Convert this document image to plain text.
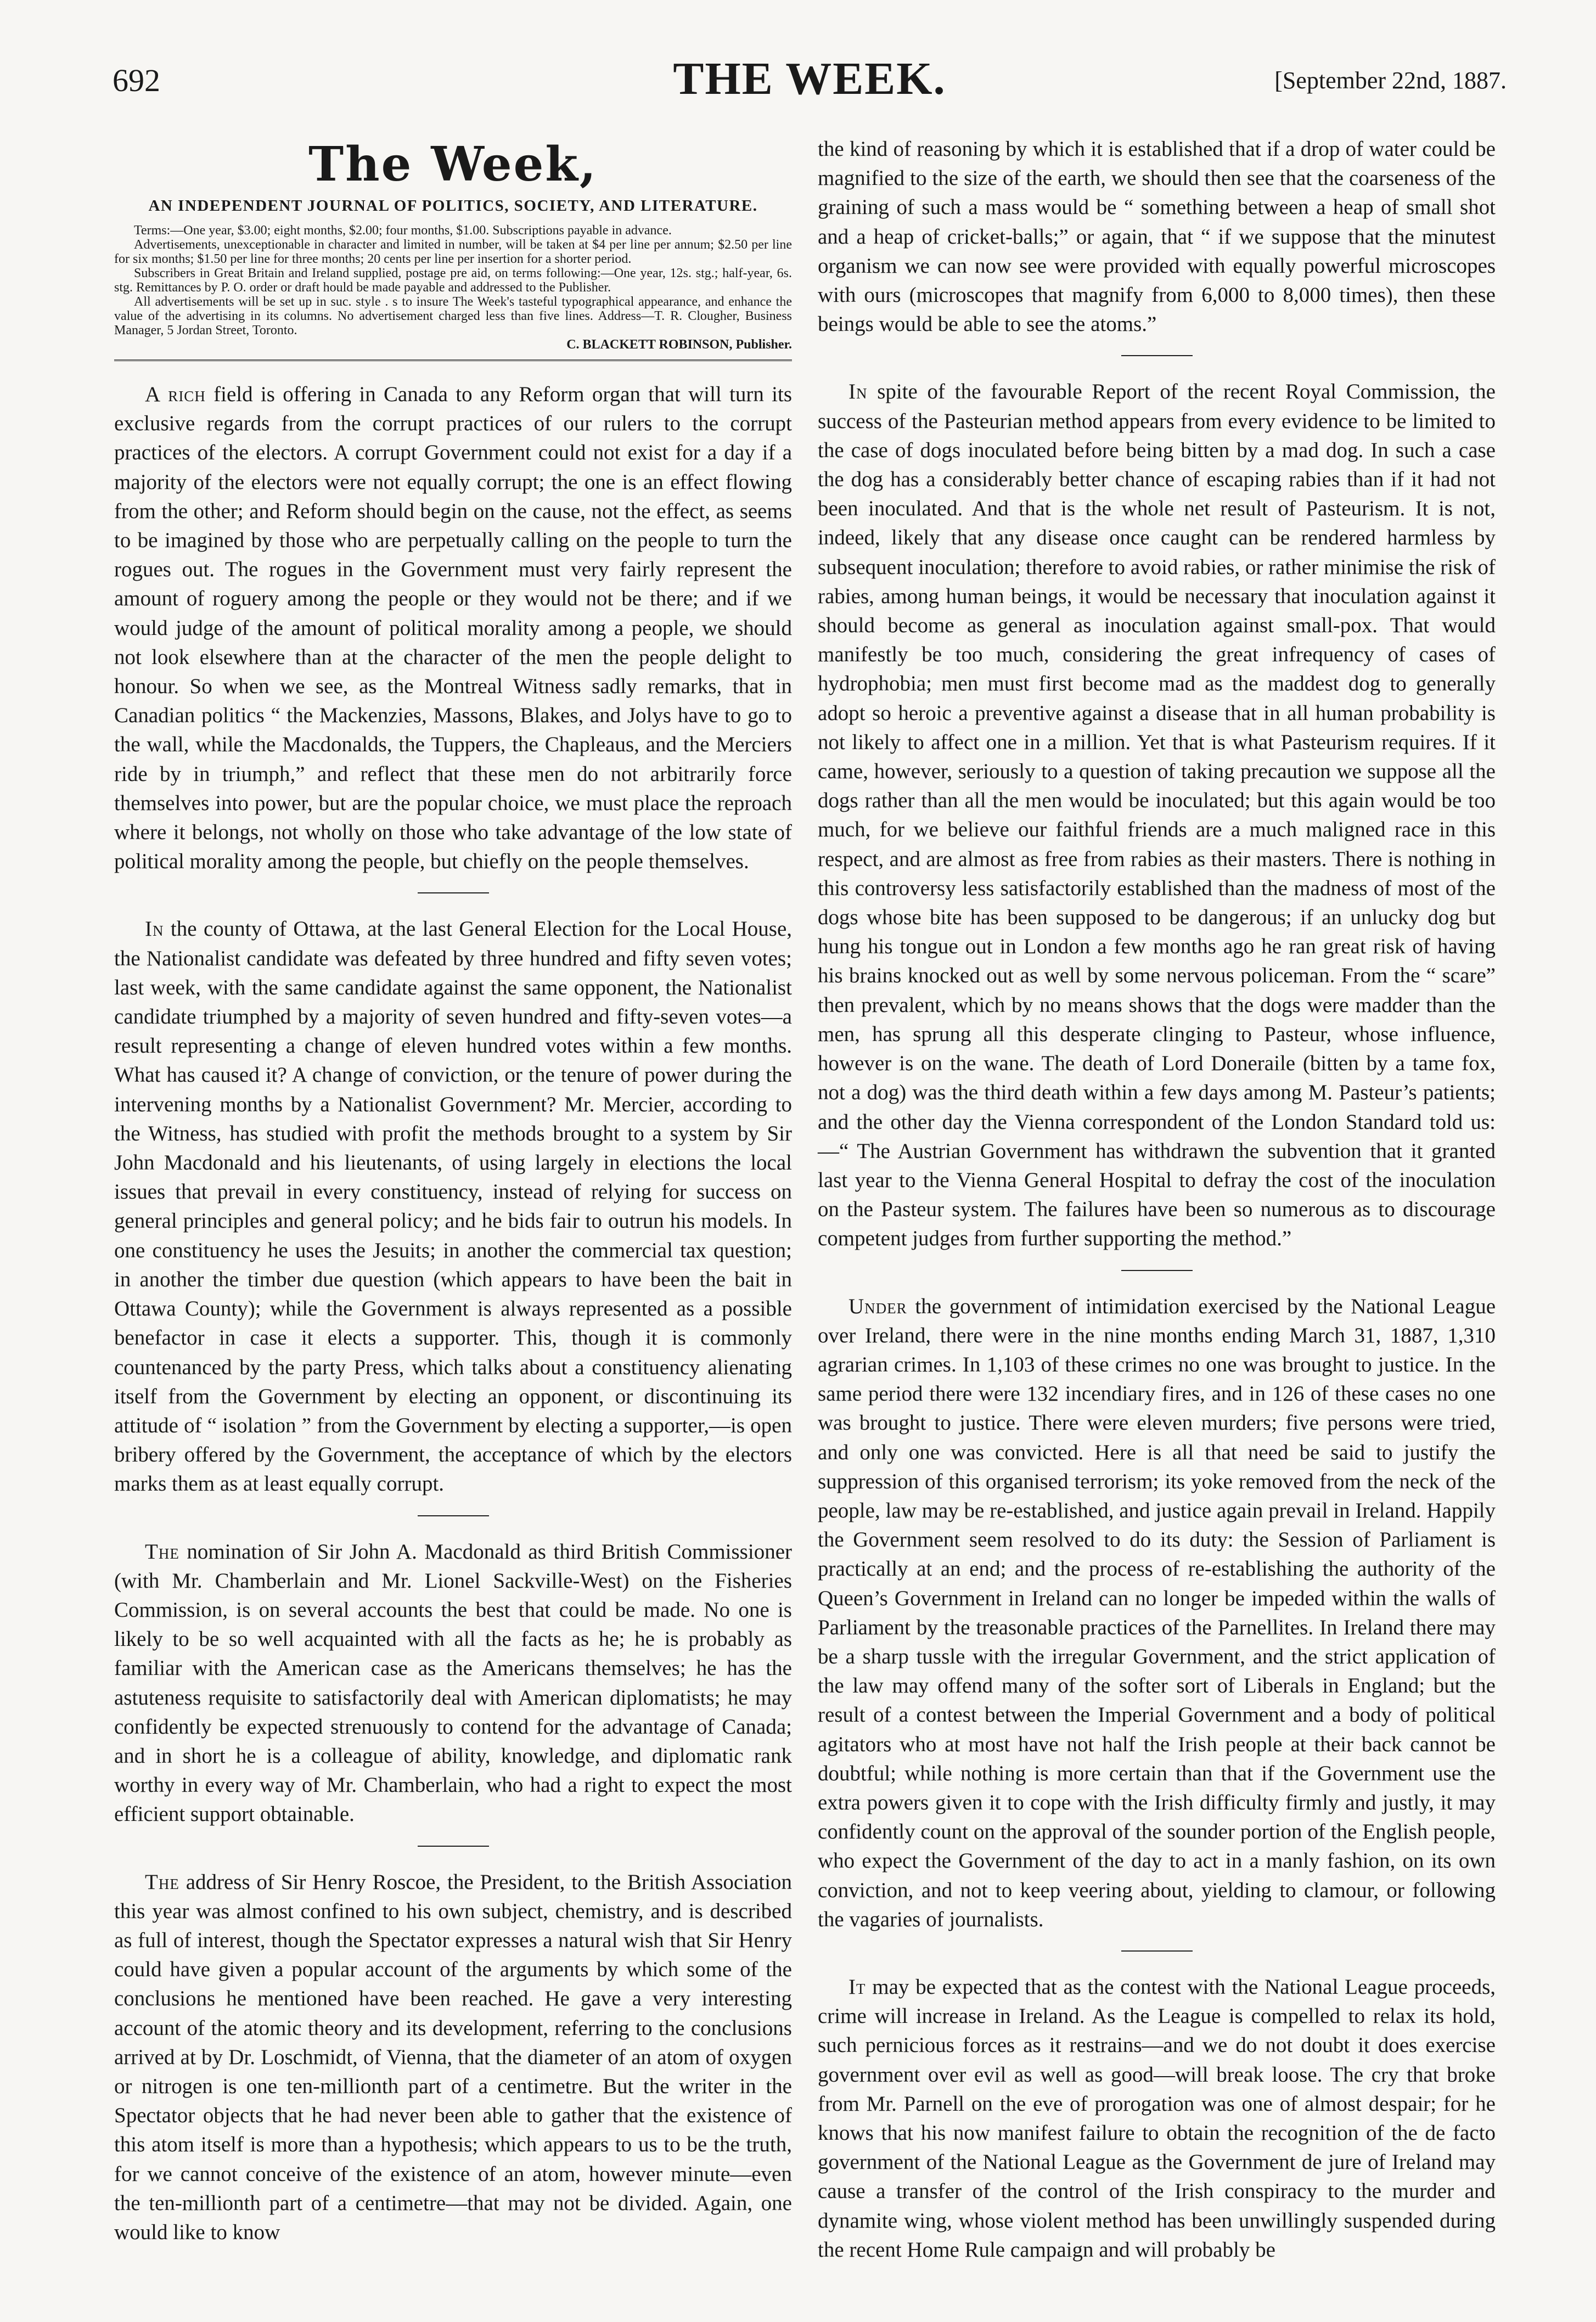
692	THE WEEK.	[September 22nd, 1887.
The Week,
AN INDEPENDENT JOURNAL OF POLITICS, SOCIETY, AND LITERATURE.

Terms:—One year, $3.00; eight months, $2.00; four months, $1.00. Subscriptions payable in advance.

Advertisements, unexceptionable in character and limited in number, will be taken at $4 per line per annum; $2.50 per line for six months; $1.50 per line for three months; 20 cents per line per insertion for a shorter period.

Subscribers in Great Britain and Ireland supplied, postage pre aid, on terms following:—One year, 12s. stg.; half-year, 6s. stg. Remittances by P. O. order or draft hould be made payable and addressed to the Publisher.

All advertisements will be set up in suc. style . s to insure The Week's tasteful typographical appearance, and enhance the value of the advertising in its columns. No advertisement charged less than five lines. Address—T. R. Clougher, Business Manager, 5 Jordan Street, Toronto.

C. BLACKETT ROBINSON, Publisher.

A rich field is offering in Canada to any Reform organ that will turn its exclusive regards from the corrupt practices of our rulers to the corrupt practices of the electors. A corrupt Government could not exist for a day if a majority of the electors were not equally corrupt; the one is an effect flowing from the other; and Reform should begin on the cause, not the effect, as seems to be imagined by those who are perpetually calling on the people to turn the rogues out. The rogues in the Government must very fairly represent the amount of roguery among the people or they would not be there; and if we would judge of the amount of political morality among a people, we should not look elsewhere than at the character of the men the people delight to honour. So when we see, as the Montreal Witness sadly remarks, that in Canadian politics “ the Mackenzies, Massons, Blakes, and Jolys have to go to the wall, while the Macdonalds, the Tuppers, the Chapleaus, and the Merciers ride by in triumph,” and reflect that these men do not arbitrarily force themselves into power, but are the popular choice, we must place the reproach where it belongs, not wholly on those who take advantage of the low state of political morality among the people, but chiefly on the people themselves.

In the county of Ottawa, at the last General Election for the Local House, the Nationalist candidate was defeated by three hundred and fifty seven votes; last week, with the same candidate against the same opponent, the Nationalist candidate triumphed by a majority of seven hundred and fifty-seven votes—a result representing a change of eleven hundred votes within a few months. What has caused it? A change of conviction, or the tenure of power during the intervening months by a Nationalist Government? Mr. Mercier, according to the Witness, has studied with profit the methods brought to a system by Sir John Macdonald and his lieutenants, of using largely in elections the local issues that prevail in every constituency, instead of relying for success on general principles and general policy; and he bids fair to outrun his models. In one constituency he uses the Jesuits; in another the commercial tax question; in another the timber due question (which appears to have been the bait in Ottawa County); while the Government is always represented as a possible benefactor in case it elects a supporter. This, though it is commonly countenanced by the party Press, which talks about a constituency alienating itself from the Government by electing an opponent, or discontinuing its attitude of “ isolation ” from the Government by electing a supporter,—is open bribery offered by the Government, the acceptance of which by the electors marks them as at least equally corrupt.

The nomination of Sir John A. Macdonald as third British Commissioner (with Mr. Chamberlain and Mr. Lionel Sackville-West) on the Fisheries Commission, is on several accounts the best that could be made. No one is likely to be so well acquainted with all the facts as he; he is probably as familiar with the American case as the Americans themselves; he has the astuteness requisite to satisfactorily deal with American diplomatists; he may confidently be expected strenuously to contend for the advantage of Canada; and in short he is a colleague of ability, knowledge, and diplomatic rank worthy in every way of Mr. Chamberlain, who had a right to expect the most efficient support obtainable.

The address of Sir Henry Roscoe, the President, to the British Association this year was almost confined to his own subject, chemistry, and is described as full of interest, though the Spectator expresses a natural wish that Sir Henry could have given a popular account of the arguments by which some of the conclusions he mentioned have been reached. He gave a very interesting account of the atomic theory and its development, referring to the conclusions arrived at by Dr. Loschmidt, of Vienna, that the diameter of an atom of oxygen or nitrogen is one ten-millionth part of a centimetre. But the writer in the Spectator objects that he had never been able to gather that the existence of this atom itself is more than a hypothesis; which appears to us to be the truth, for we cannot conceive of the existence of an atom, however minute—even the ten-millionth part of a centimetre—that may not be divided. Again, one would like to know

the kind of reasoning by which it is established that if a drop of water could be magnified to the size of the earth, we should then see that the coarseness of the graining of such a mass would be “ something between a heap of small shot and a heap of cricket-balls;” or again, that “ if we suppose that the minutest organism we can now see were provided with equally powerful microscopes with ours (microscopes that magnify from 6,000 to 8,000 times), then these beings would be able to see the atoms.”

In spite of the favourable Report of the recent Royal Commission, the success of the Pasteurian method appears from every evidence to be limited to the case of dogs inoculated before being bitten by a mad dog. In such a case the dog has a considerably better chance of escaping rabies than if it had not been inoculated. And that is the whole net result of Pasteurism. It is not, indeed, likely that any disease once caught can be rendered harmless by subsequent inoculation; therefore to avoid rabies, or rather minimise the risk of rabies, among human beings, it would be necessary that inoculation against it should become as general as inoculation against small-pox. That would manifestly be too much, considering the great infrequency of cases of hydrophobia; men must first become mad as the maddest dog to generally adopt so heroic a preventive against a disease that in all human probability is not likely to affect one in a million. Yet that is what Pasteurism requires. If it came, however, seriously to a question of taking precaution we suppose all the dogs rather than all the men would be inoculated; but this again would be too much, for we believe our faithful friends are a much maligned race in this respect, and are almost as free from rabies as their masters. There is nothing in this controversy less satisfactorily established than the madness of most of the dogs whose bite has been supposed to be dangerous; if an unlucky dog but hung his tongue out in London a few months ago he ran great risk of having his brains knocked out as well by some nervous policeman. From the “ scare” then prevalent, which by no means shows that the dogs were madder than the men, has sprung all this desperate clinging to Pasteur, whose influence, however is on the wane. The death of Lord Doneraile (bitten by a tame fox, not a dog) was the third death within a few days among M. Pasteur’s patients; and the other day the Vienna correspondent of the London Standard told us:—“ The Austrian Government has withdrawn the subvention that it granted last year to the Vienna General Hospital to defray the cost of the inoculation on the Pasteur system. The failures have been so numerous as to discourage competent judges from further supporting the method.”

Under the government of intimidation exercised by the National League over Ireland, there were in the nine months ending March 31, 1887, 1,310 agrarian crimes. In 1,103 of these crimes no one was brought to justice. In the same period there were 132 incendiary fires, and in 126 of these cases no one was brought to justice. There were eleven murders; five persons were tried, and only one was convicted. Here is all that need be said to justify the suppression of this organised terrorism; its yoke removed from the neck of the people, law may be re-established, and justice again prevail in Ireland. Happily the Government seem resolved to do its duty: the Session of Parliament is practically at an end; and the process of re-establishing the authority of the Queen’s Government in Ireland can no longer be impeded within the walls of Parliament by the treasonable practices of the Parnellites. In Ireland there may be a sharp tussle with the irregular Government, and the strict application of the law may offend many of the softer sort of Liberals in England; but the result of a contest between the Imperial Government and a body of political agitators who at most have not half the Irish people at their back cannot be doubtful; while nothing is more certain than that if the Government use the extra powers given it to cope with the Irish difficulty firmly and justly, it may confidently count on the approval of the sounder portion of the English people, who expect the Government of the day to act in a manly fashion, on its own conviction, and not to keep veering about, yielding to clamour, or following the vagaries of journalists.

It may be expected that as the contest with the National League proceeds, crime will increase in Ireland. As the League is compelled to relax its hold, such pernicious forces as it restrains—and we do not doubt it does exercise government over evil as well as good—will break loose. The cry that broke from Mr. Parnell on the eve of prorogation was one of almost despair; for he knows that his now manifest failure to obtain the recognition of the de facto government of the National League as the Government de jure of Ireland may cause a transfer of the control of the Irish conspiracy to the murder and dynamite wing, whose violent method has been unwillingly suspended during the recent Home Rule campaign and will probably be
